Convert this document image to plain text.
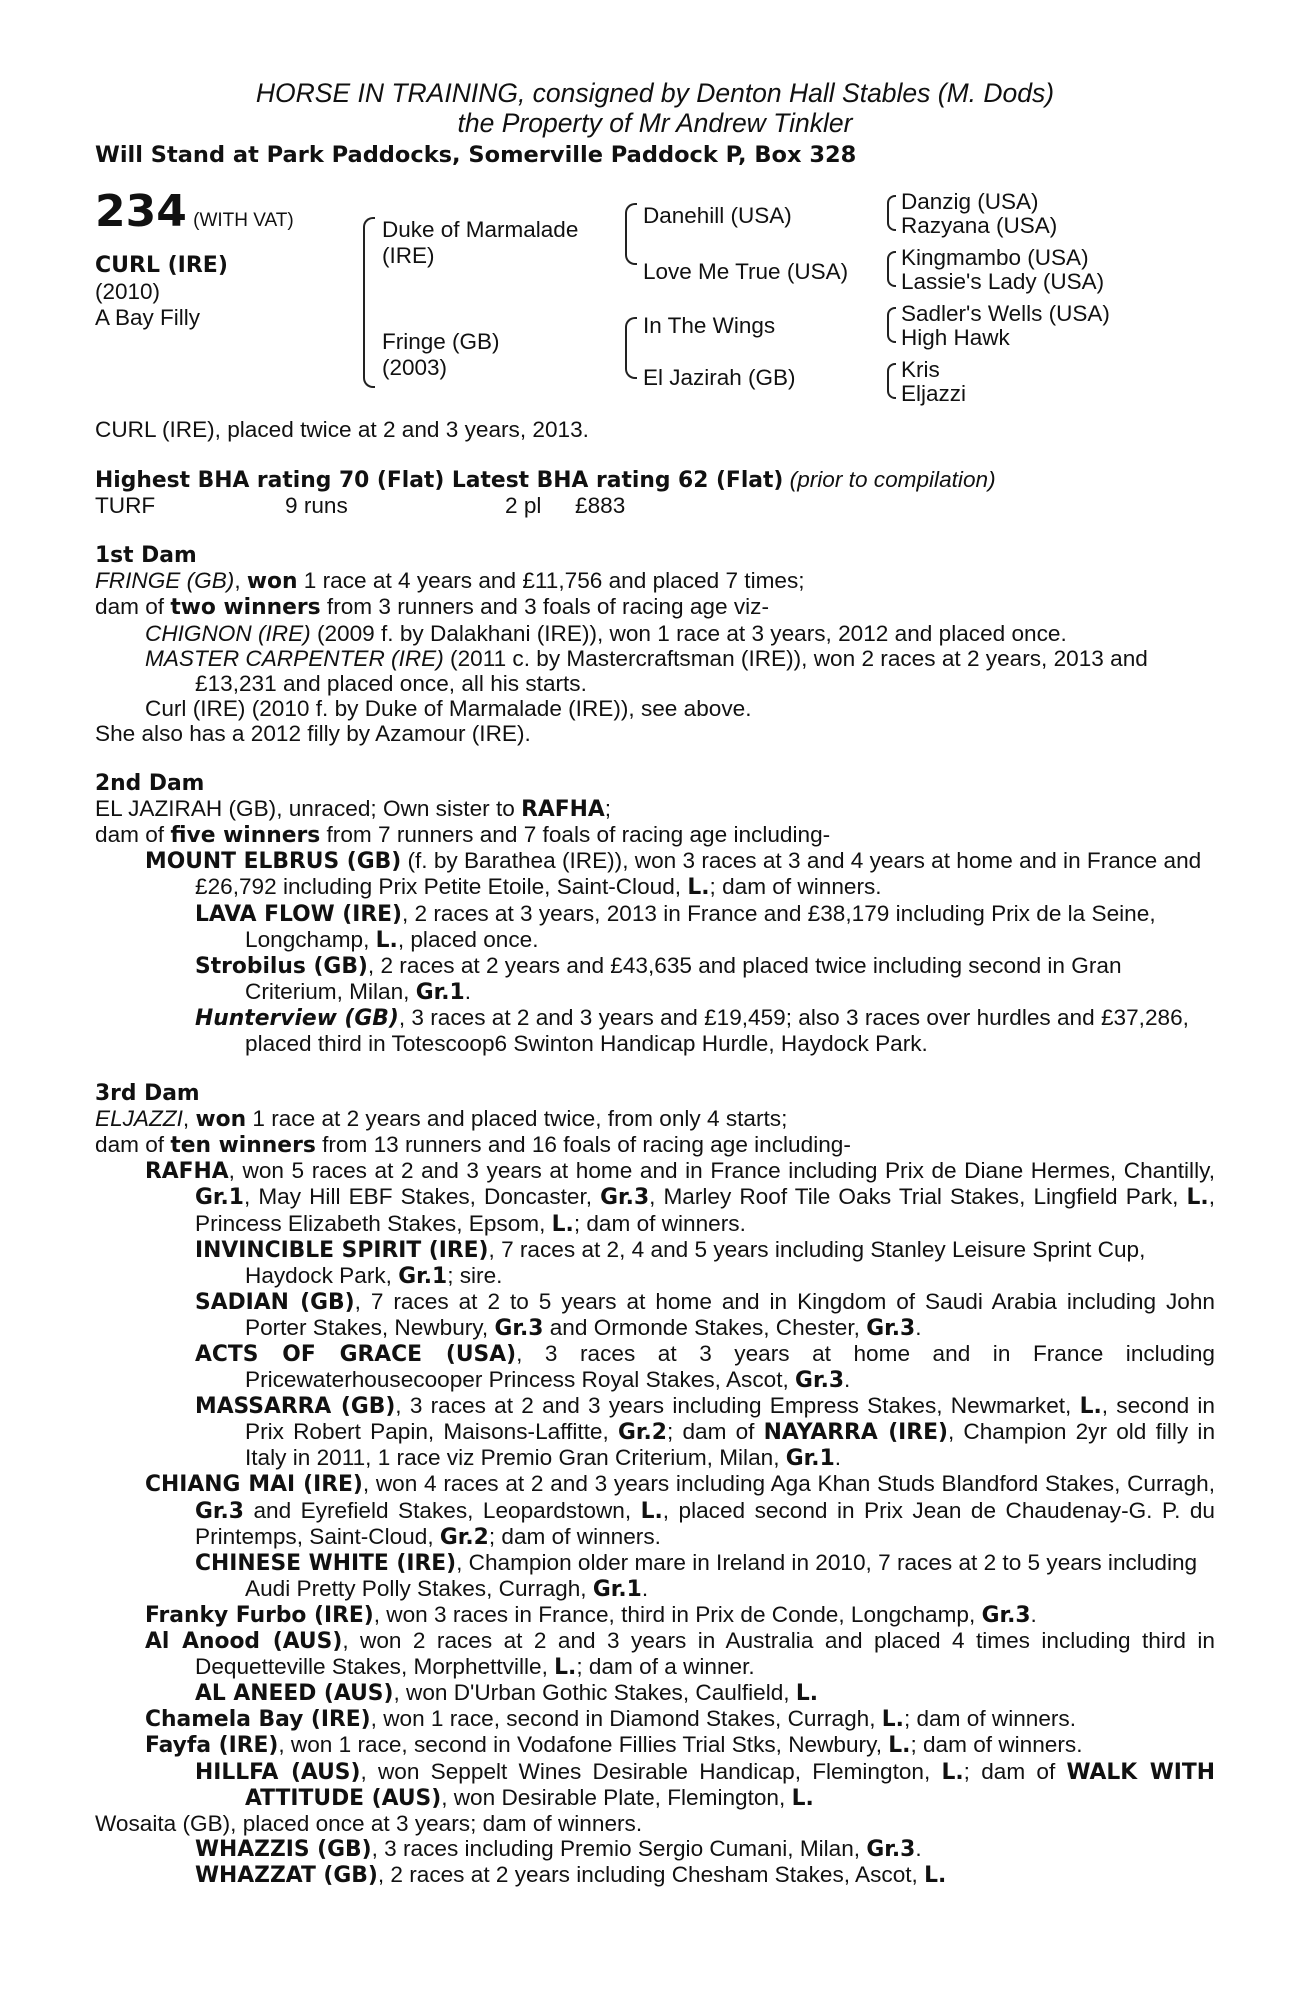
HORSE IN TRAINING, consigned by Denton Hall Stables (M. Dods)
the Property of Mr Andrew Tinkler
Will Stand at Park Paddocks, Somerville Paddock P, Box 328
234 (WITH VAT)
CURL (IRE)
(2010)
A Bay Filly
Duke of Marmalade
(IRE)
Fringe (GB)
(2003)
Danehill (USA)
Love Me True (USA)
In The Wings
El Jazirah (GB)
Danzig (USA)
Razyana (USA)
Kingmambo (USA)
Lassie's Lady (USA)
Sadler's Wells (USA)
High Hawk
Kris
Eljazzi

CURL (IRE), placed twice at 2 and 3 years, 2013.

Highest BHA rating 70 (Flat) Latest BHA rating 62 (Flat) (prior to compilation)

TURF	9 runs	2 pl £883

1st Dam

FRINGE (GB), won 1 race at 4 years and £11,756 and placed 7 times;

dam of two winners from 3 runners and 3 foals of racing age viz-

CHIGNON (IRE) (2009 f. by Dalakhani (IRE)), won 1 race at 3 years, 2012 and placed once.

MASTER CARPENTER (IRE) (2011 c. by Mastercraftsman (IRE)), won 2 races at 2 years, 2013 and £13,231 and placed once, all his starts.

Curl (IRE) (2010 f. by Duke of Marmalade (IRE)), see above.

She also has a 2012 filly by Azamour (IRE).

2nd Dam

EL JAZIRAH (GB), unraced; Own sister to RAFHA;

dam of five winners from 7 runners and 7 foals of racing age including-

MOUNT ELBRUS (GB) (f. by Barathea (IRE)), won 3 races at 3 and 4 years at home and in France and £26,792 including Prix Petite Etoile, Saint-Cloud, L.; dam of winners.

LAVA FLOW (IRE), 2 races at 3 years, 2013 in France and £38,179 including Prix de la Seine, Longchamp, L., placed once.

Strobilus (GB), 2 races at 2 years and £43,635 and placed twice including second in Gran Criterium, Milan, Gr.1.

Hunterview (GB), 3 races at 2 and 3 years and £19,459; also 3 races over hurdles and £37,286, placed third in Totescoop6 Swinton Handicap Hurdle, Haydock Park.

3rd Dam

ELJAZZI, won 1 race at 2 years and placed twice, from only 4 starts;

dam of ten winners from 13 runners and 16 foals of racing age including-

RAFHA, won 5 races at 2 and 3 years at home and in France including Prix de Diane Hermes, Chantilly, Gr.1, May Hill EBF Stakes, Doncaster, Gr.3, Marley Roof Tile Oaks Trial Stakes, Lingfield Park, L., Princess Elizabeth Stakes, Epsom, L.; dam of winners.

INVINCIBLE SPIRIT (IRE), 7 races at 2, 4 and 5 years including Stanley Leisure Sprint Cup, Haydock Park, Gr.1; sire.

SADIAN (GB), 7 races at 2 to 5 years at home and in Kingdom of Saudi Arabia including John Porter Stakes, Newbury, Gr.3 and Ormonde Stakes, Chester, Gr.3.

ACTS OF GRACE (USA), 3 races at 3 years at home and in France including Pricewaterhousecooper Princess Royal Stakes, Ascot, Gr.3.

MASSARRA (GB), 3 races at 2 and 3 years including Empress Stakes, Newmarket, L., second in Prix Robert Papin, Maisons-Laffitte, Gr.2; dam of NAYARRA (IRE), Champion 2yr old filly in Italy in 2011, 1 race viz Premio Gran Criterium, Milan, Gr.1.

CHIANG MAI (IRE), won 4 races at 2 and 3 years including Aga Khan Studs Blandford Stakes, Curragh, Gr.3 and Eyrefield Stakes, Leopardstown, L., placed second in Prix Jean de Chaudenay-G. P. du Printemps, Saint-Cloud, Gr.2; dam of winners.

CHINESE WHITE (IRE), Champion older mare in Ireland in 2010, 7 races at 2 to 5 years including Audi Pretty Polly Stakes, Curragh, Gr.1.

Franky Furbo (IRE), won 3 races in France, third in Prix de Conde, Longchamp, Gr.3.

Al Anood (AUS), won 2 races at 2 and 3 years in Australia and placed 4 times including third in Dequetteville Stakes, Morphettville, L.; dam of a winner.

AL ANEED (AUS), won D'Urban Gothic Stakes, Caulfield, L.

Chamela Bay (IRE), won 1 race, second in Diamond Stakes, Curragh, L.; dam of winners.

Fayfa (IRE), won 1 race, second in Vodafone Fillies Trial Stks, Newbury, L.; dam of winners.

HILLFA (AUS), won Seppelt Wines Desirable Handicap, Flemington, L.; dam of WALK WITH ATTITUDE (AUS), won Desirable Plate, Flemington, L.

Wosaita (GB), placed once at 3 years; dam of winners.

WHAZZIS (GB), 3 races including Premio Sergio Cumani, Milan, Gr.3.

WHAZZAT (GB), 2 races at 2 years including Chesham Stakes, Ascot, L.
